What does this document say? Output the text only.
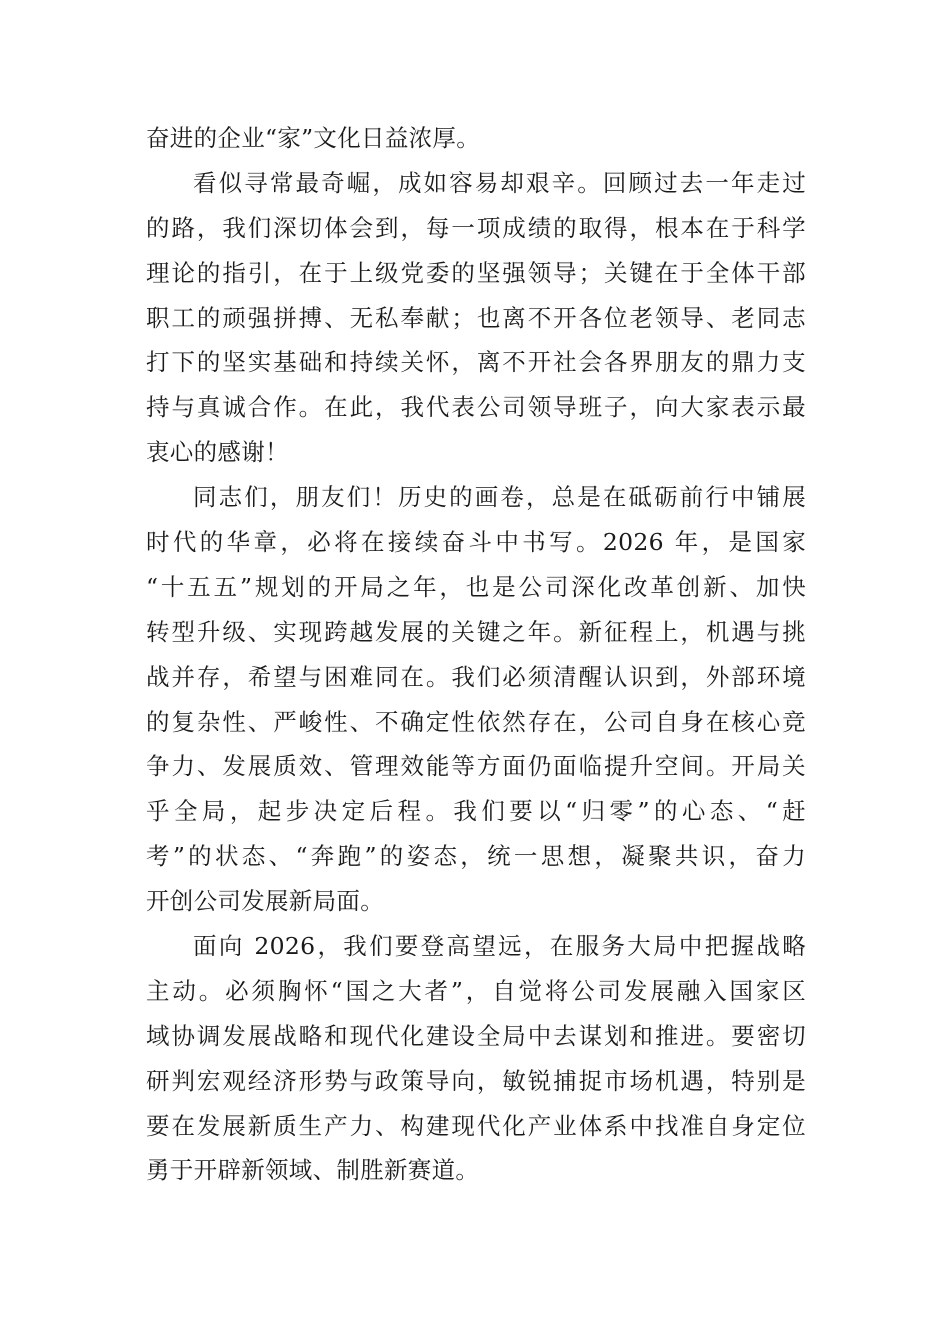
奋进的企业“家”文化日益浓厚。
看似寻常最奇崛，成如容易却艰辛。回顾过去一年走过
的路，我们深切体会到，每一项成绩的取得，根本在于科学
理论的指引，在于上级党委的坚强领导；关键在于全体干部
职工的顽强拼搏、无私奉献；也离不开各位老领导、老同志
打下的坚实基础和持续关怀，离不开社会各界朋友的鼎力支
持与真诚合作。在此，我代表公司领导班子，向大家表示最
衷心的感谢！
同志们，朋友们！历史的画卷，总是在砥砺前行中铺展
时代的华章，必将在接续奋斗中书写。2026 年，是国家
“十五五”规划的开局之年，也是公司深化改革创新、加快
转型升级、实现跨越发展的关键之年。新征程上，机遇与挑
战并存，希望与困难同在。我们必须清醒认识到，外部环境
的复杂性、严峻性、不确定性依然存在，公司自身在核心竞
争力、发展质效、管理效能等方面仍面临提升空间。开局关
乎全局，起步决定后程。我们要以“归零”的心态、“赶
考”的状态、“奔跑”的姿态，统一思想，凝聚共识，奋力
开创公司发展新局面。
面向 2026，我们要登高望远，在服务大局中把握战略
主动。必须胸怀“国之大者”，自觉将公司发展融入国家区
域协调发展战略和现代化建设全局中去谋划和推进。要密切
研判宏观经济形势与政策导向，敏锐捕捉市场机遇，特别是
要在发展新质生产力、构建现代化产业体系中找准自身定位
勇于开辟新领域、制胜新赛道。
